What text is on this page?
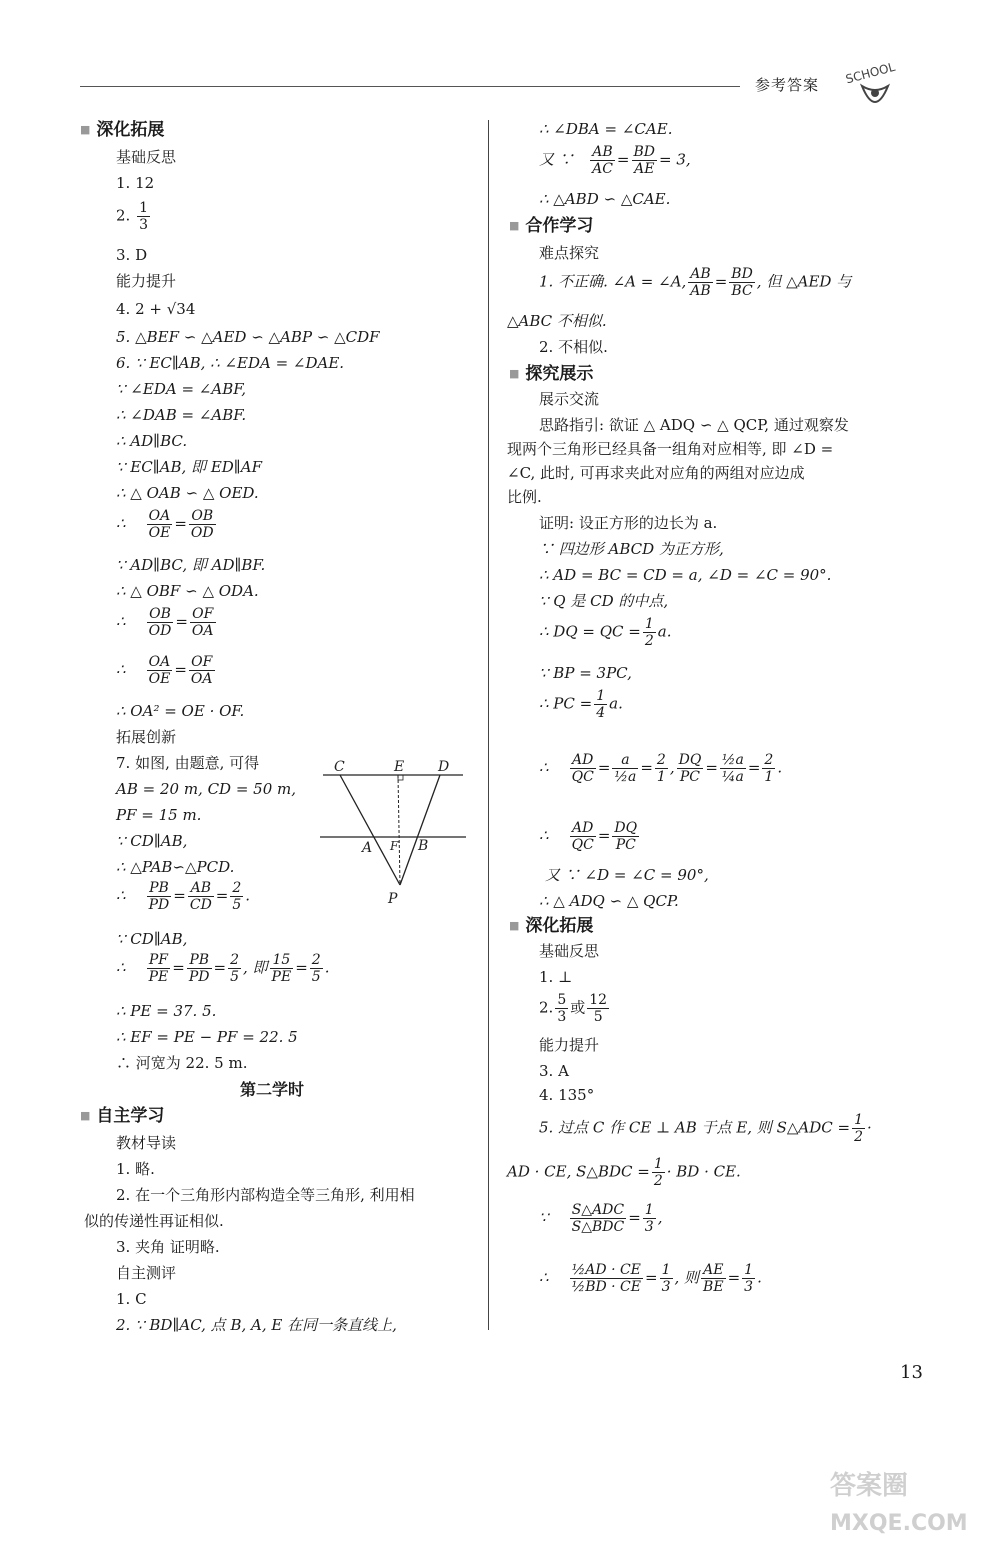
参考答案 SCHOOL
■ 深化拓展
基础反思
1. 12
2. $\frac{1}{3}$
3. D
能力提升
4. 2 + √34
5. △BEF ∽ △AED ∽ △ABP ∽ △CDF
6. ∵ EC∥AB, ∴ ∠EDA = ∠DAE.
∵ ∠EDA = ∠ABF,
∴ ∠DAB = ∠ABF.
∴ AD∥BC.
∵ EC∥AB, 即 ED∥AF
∴ △ OAB ∽ △ OED.
∴ $\frac{OA}{OE} = \frac{OB}{OD}$
∵ AD∥BC, 即 AD∥BF.
∴ △ OBF ∽ △ ODA.
∴ $\frac{OB}{OD} = \frac{OF}{OA}$
∴ $\frac{OA}{OE} = \frac{OF}{OA}$
∴ OA² = OE · OF.
拓展创新
7. 如图, 由题意, 可得
AB = 20 m, CD = 50 m,
PF = 15 m.
∵ CD∥AB,
∴ △PAB∽△PCD.
∴ $\frac{PB}{PD} = \frac{AB}{CD} = \frac{2}{5}$ .
∵ CD∥AB,
∴ $\frac{PF}{PE} = \frac{PB}{PD} = \frac{2}{5}$ , 即 $\frac{15}{PE} = \frac{2}{5}$ .
∴ PE = 37. 5.
∴ EF = PE − PF = 22. 5
∴ 河宽为 22. 5 m.
第二学时
■ 自主学习
教材导读
1. 略.
2. 在一个三角形内部构造全等三角形, 利用相
似的传递性再证相似.
3. 夹角 证明略.
自主测评
1. C
2. ∵ BD∥AC, 点 B, A, E 在同一条直线上,
C	E D
A F B
P
∴ ∠DBA = ∠CAE.
又 ∵ $\frac{AB}{AC} = \frac{BD}{AE} = 3$,
∴ △ABD ∽ △CAE.
■ 合作学习
难点探究
1. 不正确. ∠A = ∠A, $\frac{AB}{AB} = \frac{BD}{BC}$ , 但 △AED 与
△ABC 不相似.
2. 不相似.
■ 探究展示
展示交流
思路指引: 欲证 △ ADQ ∽ △ QCP, 通过观察发
现两个三角形已经具备一组角对应相等, 即 ∠D =
∠C, 此时, 可再求夹此对应角的两组对应边成
比例.
证明: 设正方形的边长为 a.
∵ 四边形 ABCD 为正方形,
∴ AD = BC = CD = a, ∠D = ∠C = 90°.
∵ Q 是 CD 的中点,
∴ DQ = QC = $\frac{1}{2} a$.
∵ BP = 3PC,
∴ PC = $\frac{1}{4} a$.
∴ $\frac{AD}{QC} = \frac{a}{\text{½a}} = \frac{2}{1}$ , $\frac{DQ}{PC} = \frac{\text{½a}}{\text{¼a}} = \frac{2}{1}$ .
∴ $\frac{AD}{QC} = \frac{DQ}{PC}$
又 ∵ ∠D = ∠C = 90°,
∴ △ ADQ ∽ △ QCP.
■ 深化拓展
基础反思
1. ⊥
2. $\frac{5}{3}$ 或 $\frac{12}{5}$
能力提升
3. A
4. 135°
5. 过点 C 作 CE ⊥ AB 于点 E, 则 S△ADC = $\frac{1}{2}$ ·
AD · CE, S△BDC = $\frac{1}{2}$ · BD · CE.
∵ $\frac{\text{S△ADC}}{\text{S△BDC}} = \frac{1}{3}$ ,
∴ $\frac{\text{½AD · CE}}{\text{½BD · CE}} = \frac{1}{3}$ , 则 $\frac{AE}{BE} = \frac{1}{3}$ .
13
答案圈
MXQE.COM
